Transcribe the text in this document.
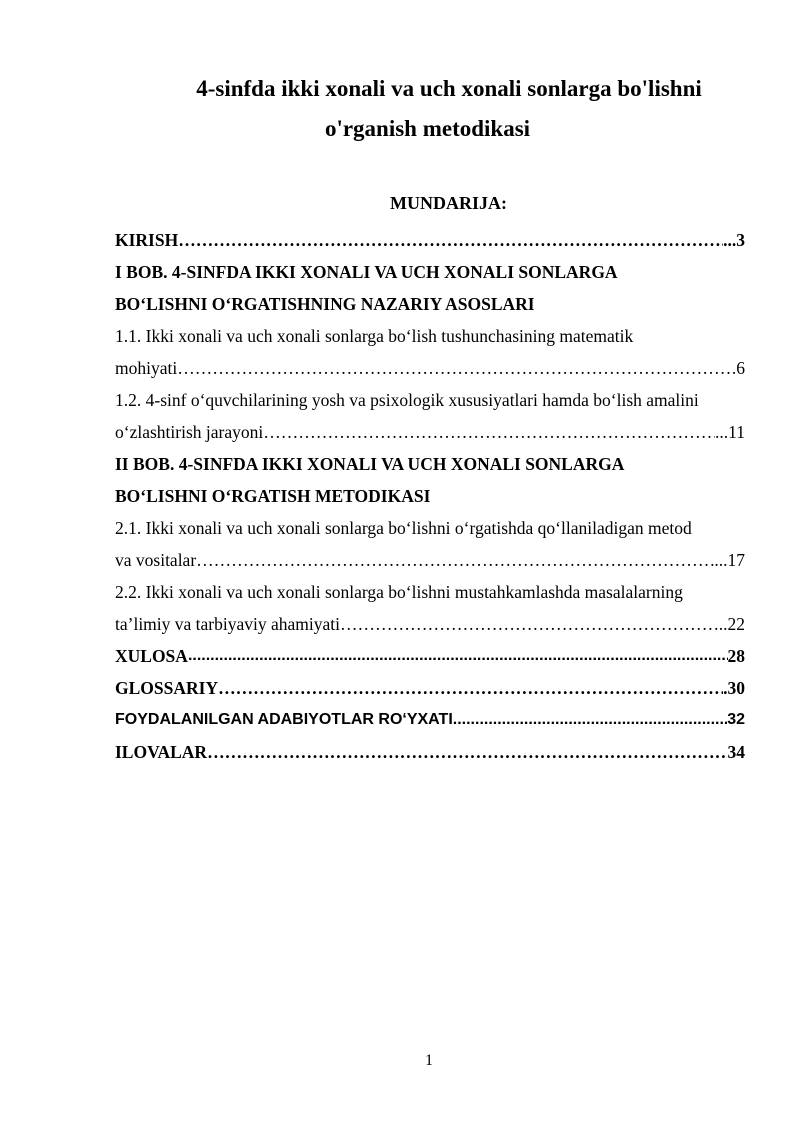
4-sinfda ikki xonali va uch xonali sonlarga bo'lishni
o'rganish metodikasi
MUNDARIJA:
KIRISH ……………………………………………………………………………………………………………………………………………………………………………	...3
I BOB. 4-SINFDA IKKI XONALI VA UCH XONALI SONLARGA
BO‘LISHNI O‘RGATISHNING NAZARIY ASOSLARI
1.1. Ikki xonali va uch xonali sonlarga bo‘lish tushunchasining matematik
mohiyati ……………………………………………………………………………………………………………………………………………………………………………	.6
1.2. 4-sinf o‘quvchilarining yosh va psixologik xususiyatlari hamda bo‘lish amalini
o‘zlashtirish jarayoni ……………………………………………………………………………………………………………………………………………………………………………	...11
II BOB. 4-SINFDA IKKI XONALI VA UCH XONALI SONLARGA
BO‘LISHNI O‘RGATISH METODIKASI
2.1. Ikki xonali va uch xonali sonlarga bo‘lishni o‘rgatishda qo‘llaniladigan metod
va vositalar ……………………………………………………………………………………………………………………………………………………………………………	...17
2.2. Ikki xonali va uch xonali sonlarga bo‘lishni mustahkamlashda masalalarning
ta’limiy va tarbiyaviy ahamiyati ……………………………………………………………………………………………………………………………………………………………………………	..22
XULOSA .....	28
GLOSSARIY ……………………………………………………………………………………………………………………………………………………………………………	.30
FOYDALANILGAN ADABIYOTLAR RO‘YXATI .....	32
ILOVALAR ……………………………………………………………………………………………………………………………………………………………………………	34
1
